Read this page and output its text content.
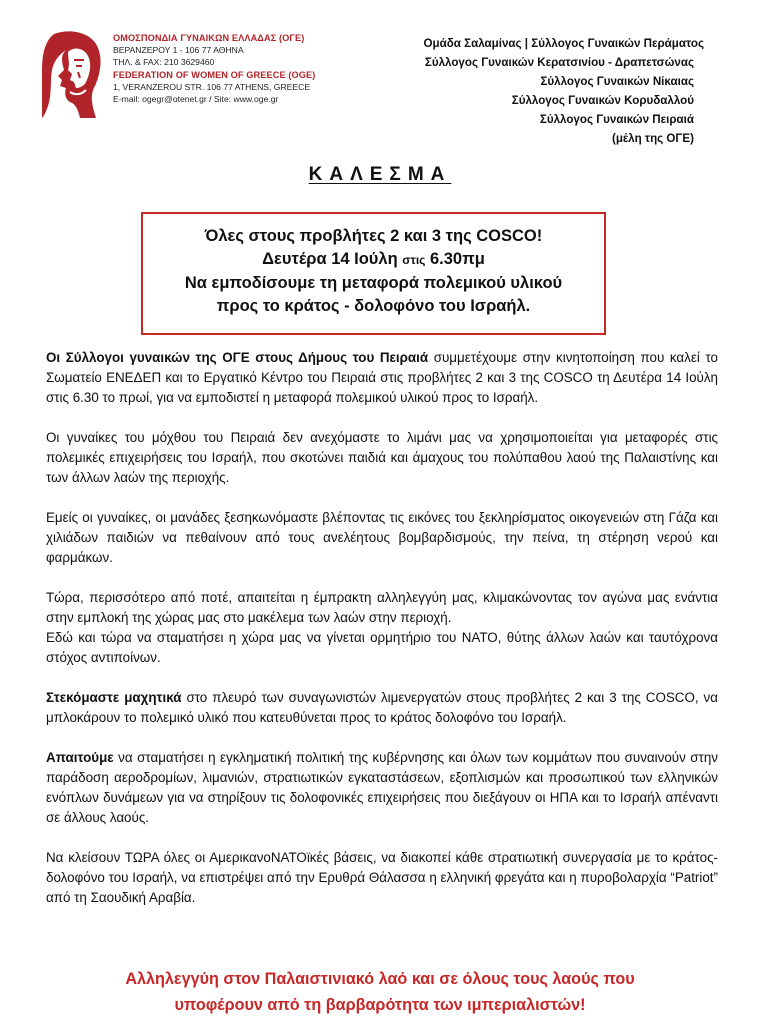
ΟΜΟΣΠΟΝΔΙΑ ΓΥΝΑΙΚΩΝ ΕΛΛΑΔΑΣ (ΟΓΕ)
ΒΕΡΑΝΖΕΡΟΥ 1 - 106 77 ΑΘΗΝΑ
ΤΗΛ. & FAX: 210 3629460
FEDERATION OF WOMEN OF GREECE (OGE)
1, VERANZEROU STR. 106 77 ATHENS, GREECE
E-mail: ogegr@otenet.gr / Site: www.oge.gr
Ομάδα Σαλαμίνας | Σύλλογος Γυναικών Περάματος
Σύλλογος Γυναικών Κερατσινίου - Δραπετσώνας
Σύλλογος Γυναικών Νίκαιας
Σύλλογος Γυναικών Κορυδαλλού
Σύλλογος Γυναικών Πειραιά
(μέλη της ΟΓΕ)
ΚΑΛΕΣΜΑ
Όλες στους προβλήτες 2 και 3 της COSCO!
Δευτέρα 14 Ιούλη στις 6.30πμ
Να εμποδίσουμε τη μεταφορά πολεμικού υλικού
προς το κράτος - δολοφόνο του Ισραήλ.

Οι Σύλλογοι γυναικών της ΟΓΕ στους Δήμους του Πειραιά συμμετέχουμε στην κινητοποίηση που καλεί το Σωματείο ΕΝΕΔΕΠ και το Εργατικό Κέντρο του Πειραιά στις προβλήτες 2 και 3 της COSCO τη Δευτέρα 14 Ιούλη στις 6.30 το πρωί, για να εμποδιστεί η μεταφορά πολεμικού υλικού προς το Ισραήλ.

Οι γυναίκες του μόχθου του Πειραιά δεν ανεχόμαστε το λιμάνι μας να χρησιμοποιείται για μεταφορές στις πολεμικές επιχειρήσεις του Ισραήλ, που σκοτώνει παιδιά και άμαχους του πολύπαθου λαού της Παλαιστίνης και των άλλων λαών της περιοχής.

Εμείς οι γυναίκες, οι μανάδες ξεσηκωνόμαστε βλέποντας τις εικόνες του ξεκληρίσματος οικογενειών στη Γάζα και χιλιάδων παιδιών να πεθαίνουν από τους ανελέητους βομβαρδισμούς, την πείνα, τη στέρηση νερού και φαρμάκων.

Τώρα, περισσότερο από ποτέ, απαιτείται η έμπρακτη αλληλεγγύη μας, κλιμακώνοντας τον αγώνα μας ενάντια στην εμπλοκή της χώρας μας στο μακέλεμα των λαών στην περιοχή.

Εδώ και τώρα να σταματήσει η χώρα μας να γίνεται ορμητήριο του ΝΑΤΟ, θύτης άλλων λαών και ταυτόχρονα στόχος αντιποίνων.

Στεκόμαστε μαχητικά στο πλευρό των συναγωνιστών λιμενεργατών στους προβλήτες 2 και 3 της COSCO, να μπλοκάρουν το πολεμικό υλικό που κατευθύνεται προς το κράτος δολοφόνο του Ισραήλ.

Απαιτούμε να σταματήσει η εγκληματική πολιτική της κυβέρνησης και όλων των κομμάτων που συναινούν στην παράδοση αεροδρομίων, λιμανιών, στρατιωτικών εγκαταστάσεων, εξοπλισμών και προσωπικού των ελληνικών ενόπλων δυνάμεων για να στηρίξουν τις δολοφονικές επιχειρήσεις που διεξάγουν οι ΗΠΑ και το Ισραήλ απέναντι σε άλλους λαούς.

Να κλείσουν ΤΩΡΑ όλες οι ΑμερικανοΝΑΤΟϊκές βάσεις, να διακοπεί κάθε στρατιωτική συνεργασία με το κράτος-δολοφόνο του Ισραήλ, να επιστρέψει από την Ερυθρά Θάλασσα η ελληνική φρεγάτα και η πυροβολαρχία “Patriot” από τη Σαουδική Αραβία.

Αλληλεγγύη στον Παλαιστινιακό λαό και σε όλους τους λαούς που
υποφέρουν από τη βαρβαρότητα των ιμπεριαλιστών!
